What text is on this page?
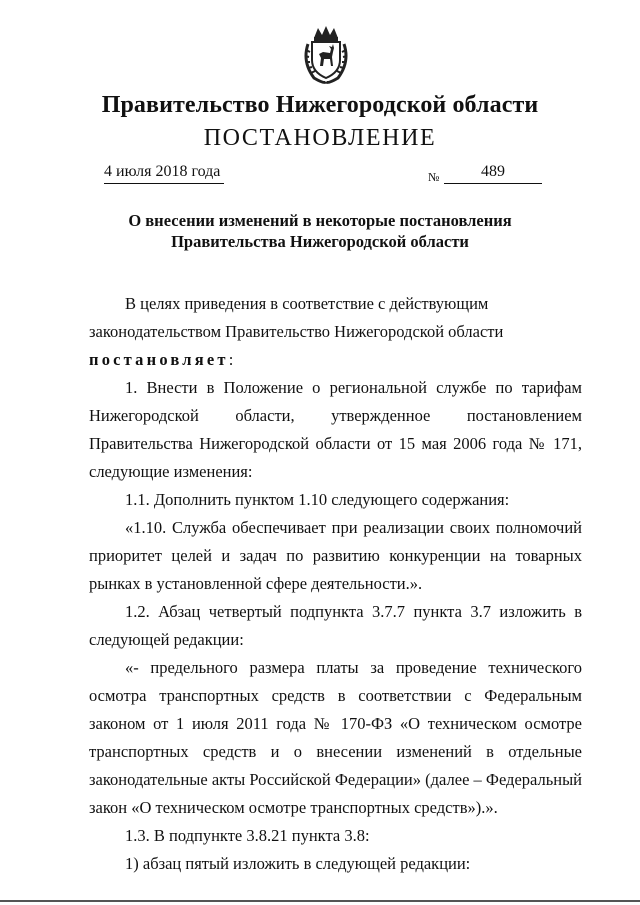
Правительство Нижегородской области
ПОСТАНОВЛЕНИЕ
4 июля 2018 года	№	489
О внесении изменений в некоторые постановления
Правительства Нижегородской области

В целях приведения в соответствие с действующим

законодательством Правительство Нижегородской области

постановляет:

1. Внести в Положение о региональной службе по тарифам Нижегородской области, утвержденное постановлением Правительства Нижегородской области от 15 мая 2006 года № 171, следующие изменения:

1.1. Дополнить пунктом 1.10 следующего содержания:

«1.10. Служба обеспечивает при реализации своих полномочий приоритет целей и задач по развитию конкуренции на товарных рынках в установленной сфере деятельности.».

1.2. Абзац четвертый подпункта 3.7.7 пункта 3.7 изложить в следующей редакции:

«- предельного размера платы за проведение технического осмотра транспортных средств в соответствии с Федеральным законом от 1 июля 2011 года № 170-ФЗ «О техническом осмотре транспортных средств и о внесении изменений в отдельные законодательные акты Российской Федерации» (далее – Федеральный закон «О техническом осмотре транспортных средств»).».

1.3. В подпункте 3.8.21 пункта 3.8:

1) абзац пятый изложить в следующей редакции:
